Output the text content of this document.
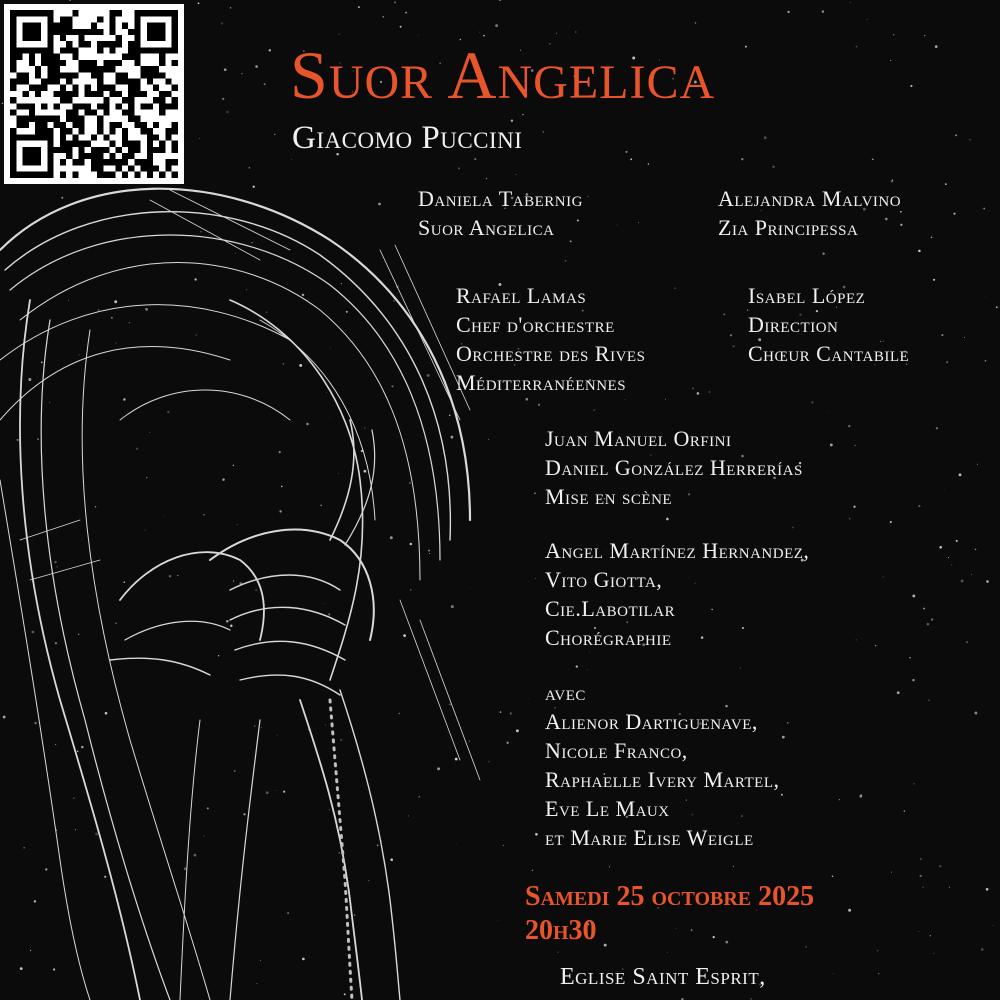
Suor Angelica
Giacomo Puccini
Daniela Tabernig
Suor Angelica
Alejandra Malvino
Zia Principessa
Rafael Lamas
Chef d'orchestre
Orchestre des Rives
Méditerranéennes
Isabel López
Direction
Chœur Cantabile
Juan Manuel Orfini
Daniel González Herrerías
Mise en scène
Angel Martínez Hernandez,
Vito Giotta,
Cie.Labotilar
Chorégraphie
avec
Alienor Dartiguenave,
Nicole Franco,
Raphaelle Ivery Martel,
Eve Le Maux
et Marie Elise Weigle
Samedi 25 octobre 2025
20h30
Eglise Saint Esprit,
